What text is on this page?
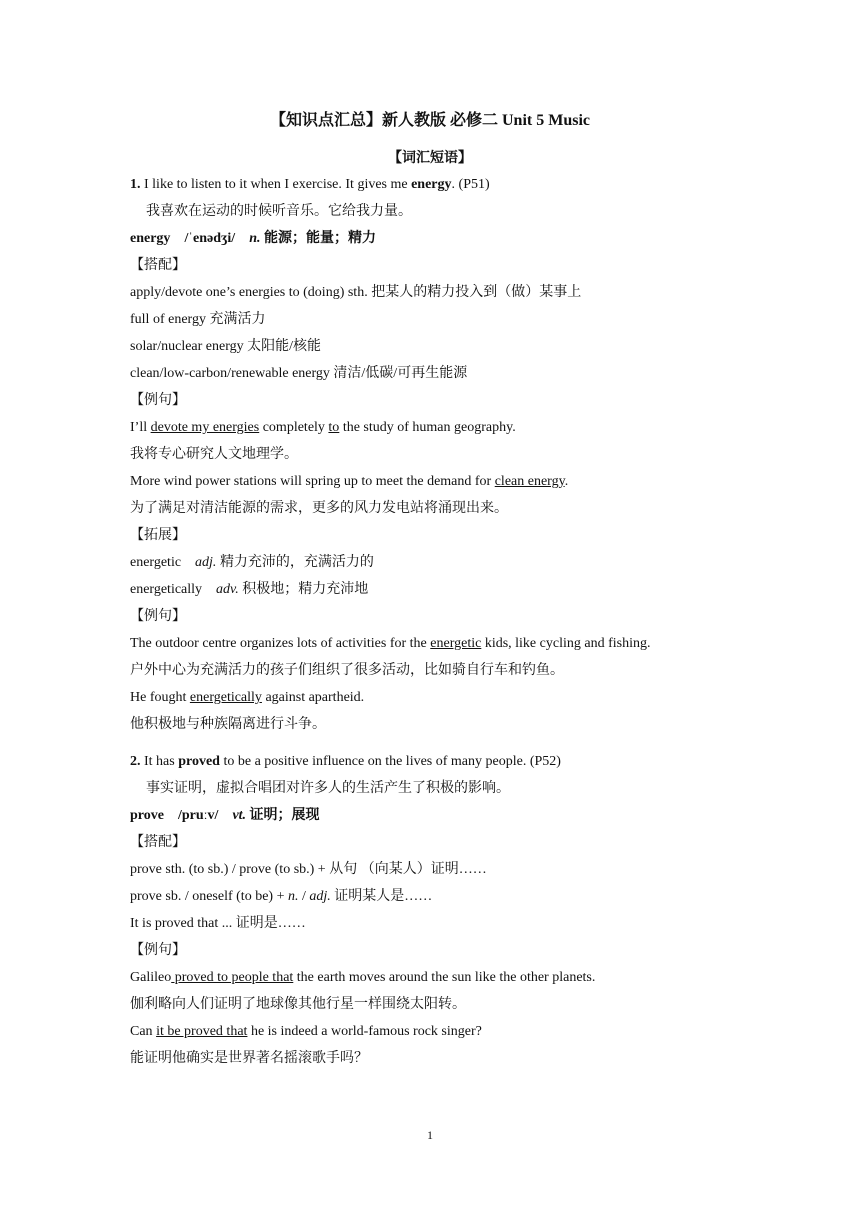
【知识点汇总】新人教版 必修二 Unit 5 Music
【词汇短语】
1. I like to listen to it when I exercise. It gives me energy. (P51)
我喜欢在运动的时候听音乐。它给我力量。
energy /ˈenədʒi/ n. 能源；能量；精力
【搭配】
apply/devote one’s energies to (doing) sth. 把某人的精力投入到（做）某事上
full of energy 充满活力
solar/nuclear energy 太阳能/核能
clean/low-carbon/renewable energy 清洁/低碳/可再生能源
【例句】
I’ll devote my energies completely to the study of human geography.
我将专心研究人文地理学。
More wind power stations will spring up to meet the demand for clean energy.
为了满足对清洁能源的需求，更多的风力发电站将涌现出来。
【拓展】
energetic adj. 精力充沛的，充满活力的
energetically adv. 积极地；精力充沛地
【例句】
The outdoor centre organizes lots of activities for the energetic kids, like cycling and fishing.
户外中心为充满活力的孩子们组织了很多活动，比如骑自行车和钓鱼。
He fought energetically against apartheid.
他积极地与种族隔离进行斗争。
2. It has proved to be a positive influence on the lives of many people. (P52)
事实证明，虚拟合唱团对许多人的生活产生了积极的影响。
prove /pruːv/ vt. 证明；展现
【搭配】
prove sth. (to sb.) / prove (to sb.) + 从句 （向某人）证明……
prove sb. / oneself (to be) + n. / adj. 证明某人是……
It is proved that ... 证明是……
【例句】
Galileo proved to people that the earth moves around the sun like the other planets.
伽利略向人们证明了地球像其他行星一样围绕太阳转。
Can it be proved that he is indeed a world-famous rock singer?
能证明他确实是世界著名摇滚歌手吗？
1
